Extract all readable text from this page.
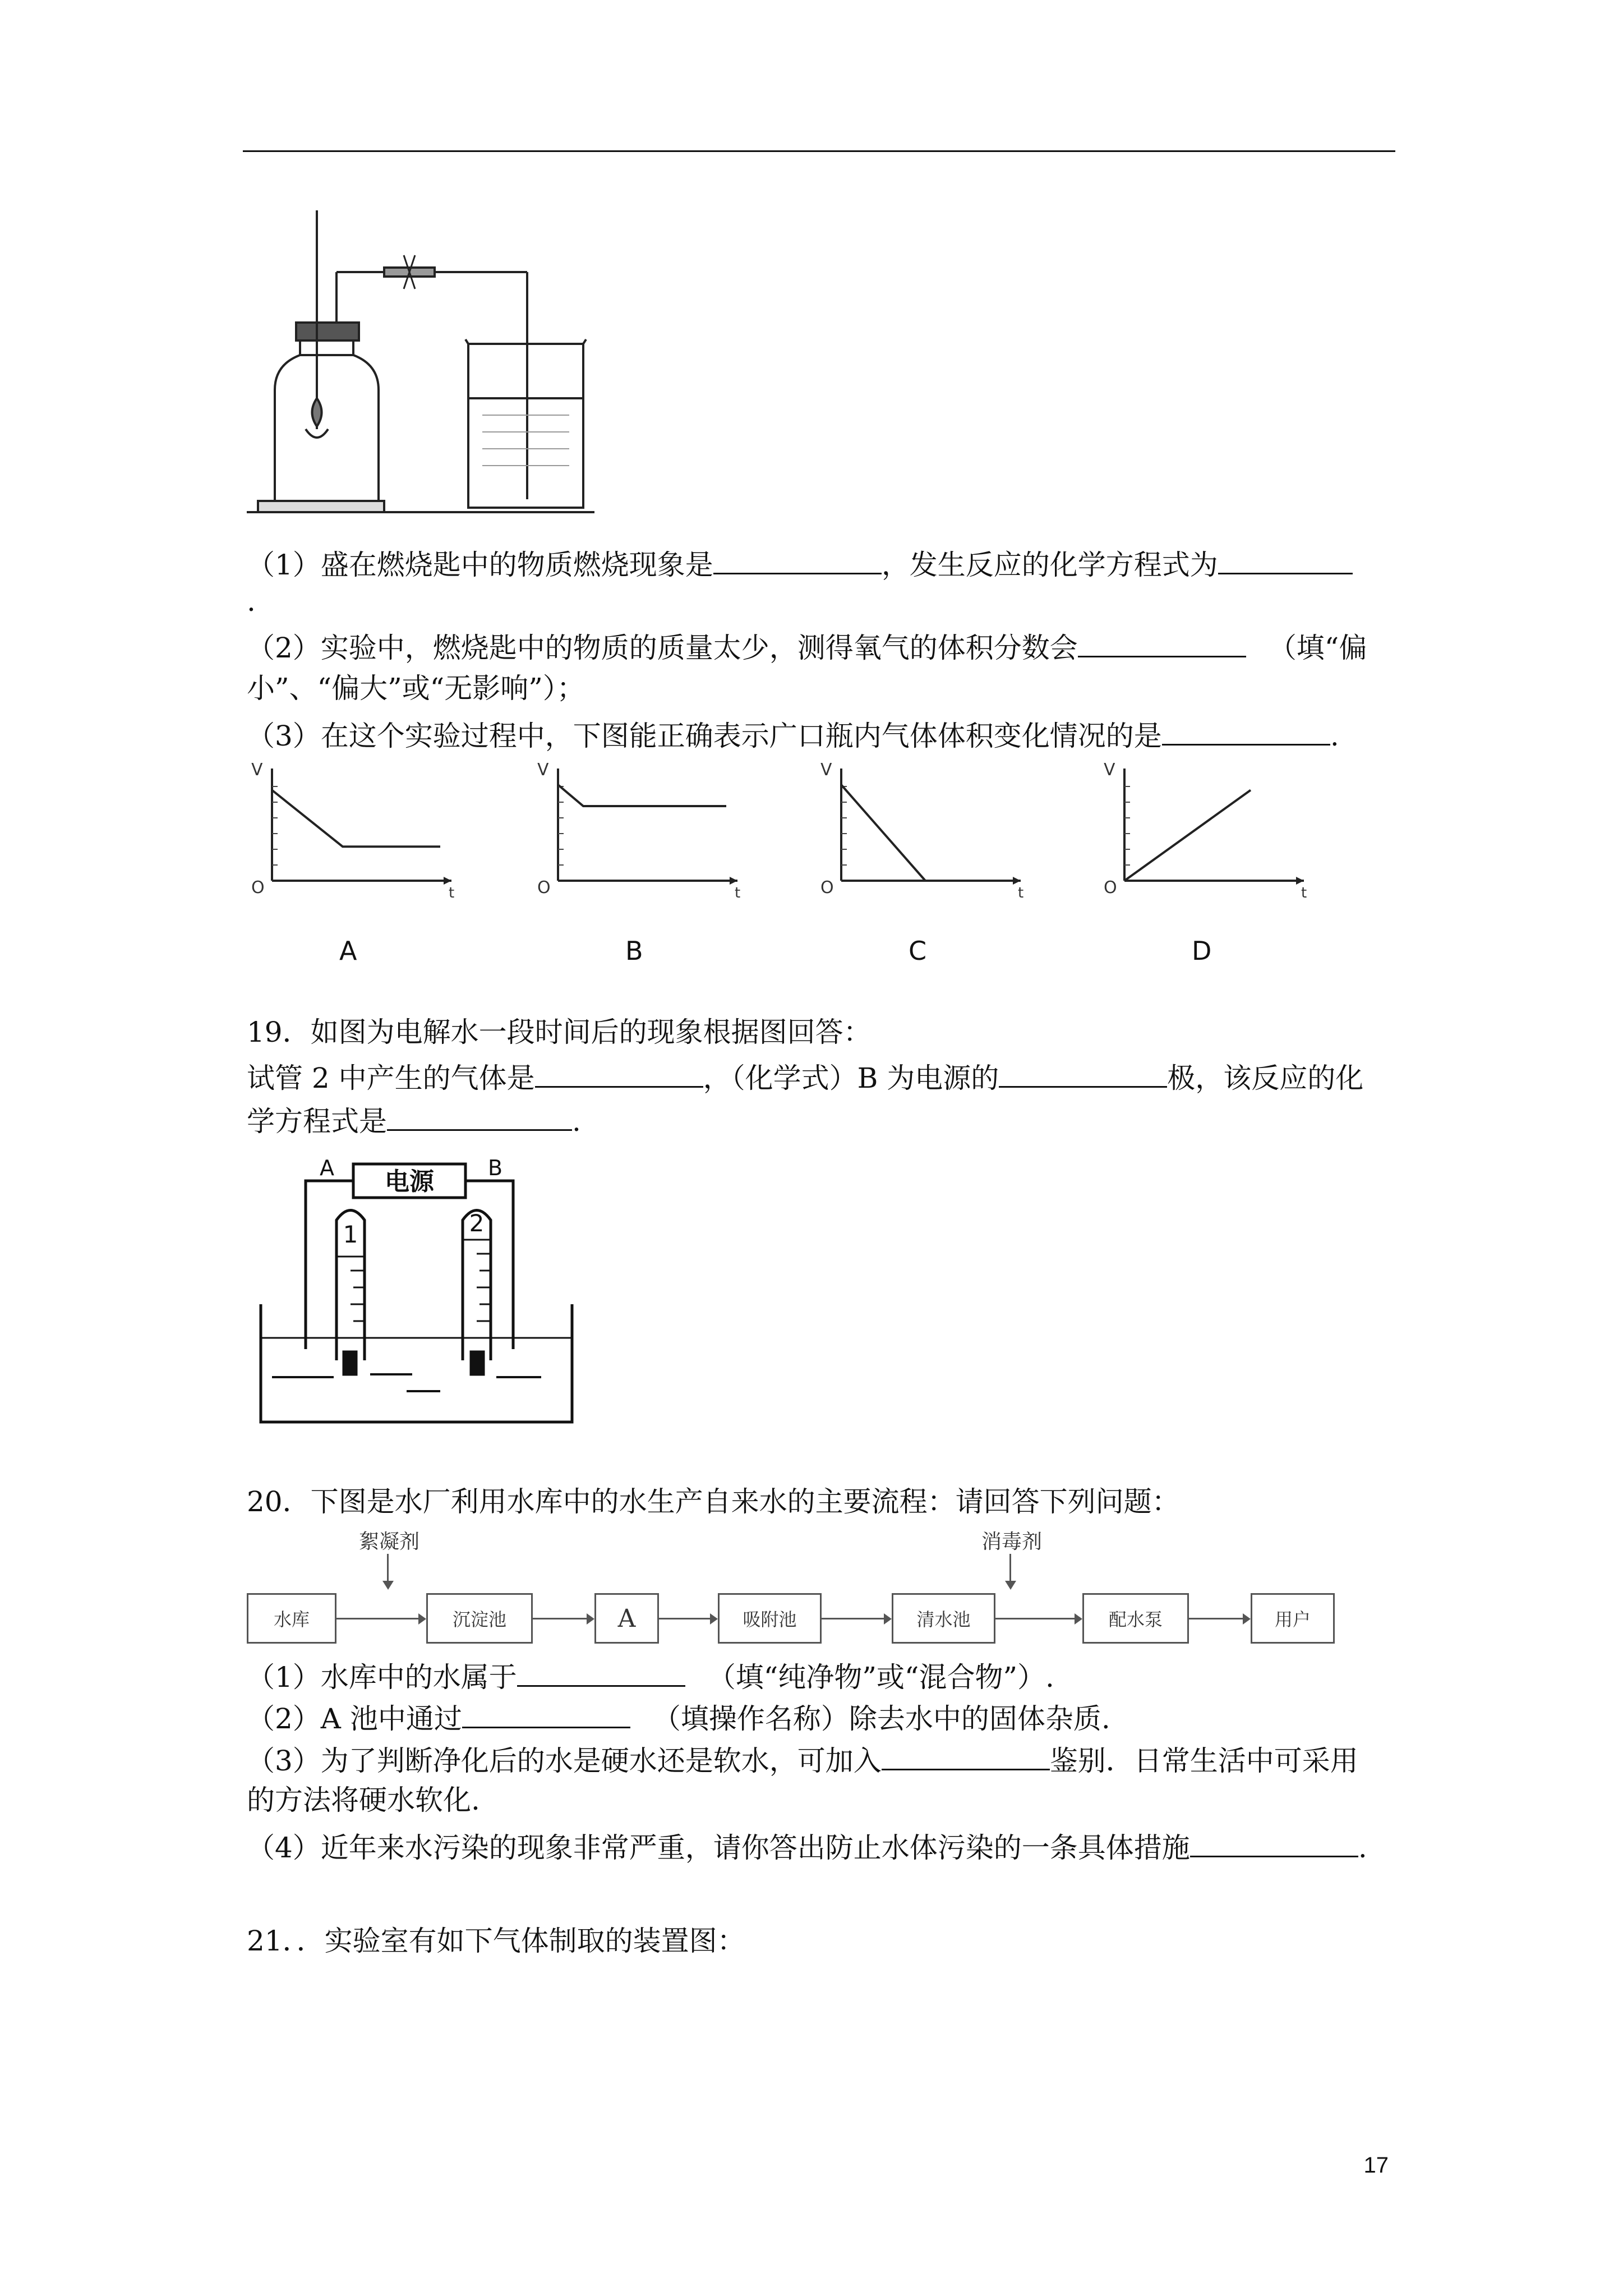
（1）盛在燃烧匙中的物质燃烧现象是	，发生反应的化学方程式为
.
（2）实验中，燃烧匙中的物质的质量太少，测得氧气的体积分数会	（填“偏
小”、“偏大”或“无影响”）；
（3）在这个实验过程中，下图能正确表示广口瓶内气体体积变化情况的是	.
V
O	t
A
V
O	t
B
V
O	t
C
V
O	t
D
19．如图为电解水一段时间后的现象根据图回答：
试管 2 中产生的气体是	，（化学式）B 为电源的	极，该反应的化
学方程式是	.
电源
A	B
1	2
20．下图是水厂利用水库中的水生产自来水的主要流程：请回答下列问题：
水库	沉淀池	A	吸附池	清水池	配水泵	用户
絮凝剂	消毒剂
（1）水库中的水属于	（填“纯净物”或“混合物”）.
（2）A 池中通过	（填操作名称）除去水中的固体杂质.
（3）为了判断净化后的水是硬水还是软水，可加入	鉴别．日常生活中可采用
的方法将硬水软化.
（4）近年来水污染的现象非常严重，请你答出防止水体污染的一条具体措施	.
21．．实验室有如下气体制取的装置图：
17
